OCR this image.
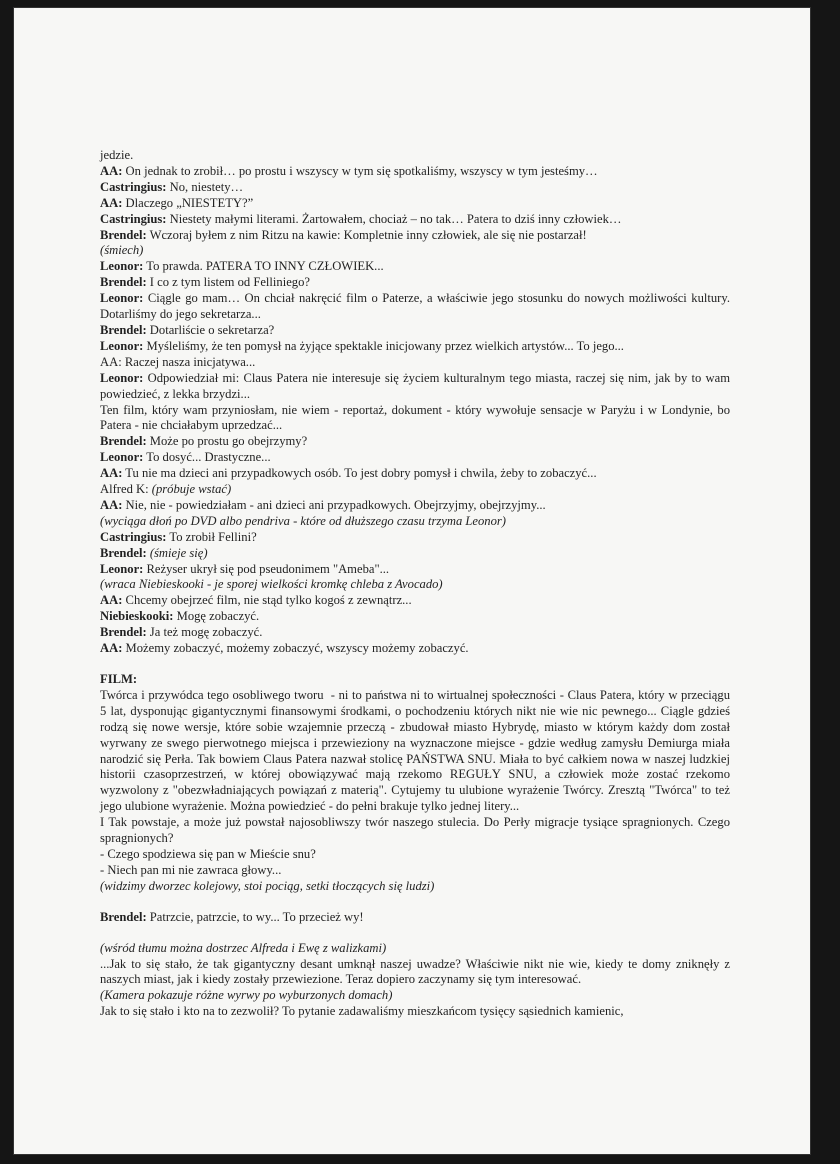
jedzie.
AA: On jednak to zrobił… po prostu i wszyscy w tym się spotkaliśmy, wszyscy w tym jesteśmy…
Castringius: No, niestety…
AA: Dlaczego „NIESTETY?”
Castringius: Niestety małymi literami. Żartowałem, chociaż – no tak… Patera to dziś inny człowiek…
Brendel: Wczoraj byłem z nim Ritzu na kawie: Kompletnie inny człowiek, ale się nie postarzał!
(śmiech)
Leonor: To prawda. PATERA TO INNY CZŁOWIEK...
Brendel: I co z tym listem od Felliniego?
Leonor: Ciągle go mam… On chciał nakręcić film o Paterze, a właściwie jego stosunku do nowych możliwości kultury. Dotarliśmy do jego sekretarza...
Brendel: Dotarliście o sekretarza?
Leonor: Myśleliśmy, że ten pomysł na żyjące spektakle inicjowany przez wielkich artystów... To jego...
AA: Raczej nasza inicjatywa...
Leonor: Odpowiedział mi: Claus Patera nie interesuje się życiem kulturalnym tego miasta, raczej się nim, jak by to wam powiedzieć, z lekka brzydzi...
Ten film, który wam przyniosłam, nie wiem - reportaż, dokument - który wywołuje sensacje w Paryżu i w Londynie, bo Patera - nie chciałabym uprzedzać...
Brendel: Może po prostu go obejrzymy?
Leonor: To dosyć... Drastyczne...
AA: Tu nie ma dzieci ani przypadkowych osób. To jest dobry pomysł i chwila, żeby to zobaczyć...
Alfred K: (próbuje wstać)
AA: Nie, nie - powiedziałam - ani dzieci ani przypadkowych. Obejrzyjmy, obejrzyjmy...
(wyciąga dłoń po DVD albo pendriva - które od dłuższego czasu trzyma Leonor)
Castringius: To zrobił Fellini?
Brendel: (śmieje się)
Leonor: Reżyser ukrył się pod pseudonimem "Ameba"...
(wraca Niebieskooki - je sporej wielkości kromkę chleba z Avocado)
AA: Chcemy obejrzeć film, nie stąd tylko kogoś z zewnątrz...
Niebieskooki: Mogę zobaczyć.
Brendel: Ja też mogę zobaczyć.
AA: Możemy zobaczyć, możemy zobaczyć, wszyscy możemy zobaczyć.
FILM:
Twórca i przywódca tego osobliwego tworu  - ni to państwa ni to wirtualnej społeczności - Claus Patera, który w przeciągu 5 lat, dysponując gigantycznymi finansowymi środkami, o pochodzeniu których nikt nie wie nic pewnego... Ciągle gdzieś rodzą się nowe wersje, które sobie wzajemnie przeczą - zbudował miasto Hybrydę, miasto w którym każdy dom został wyrwany ze swego pierwotnego miejsca i przewieziony na wyznaczone miejsce - gdzie według zamysłu Demiurga miała narodzić się Perła. Tak bowiem Claus Patera nazwał stolicę PAŃSTWA SNU. Miała to być całkiem nowa w naszej ludzkiej historii czasoprzestrzeń, w której obowiązywać mają rzekomo REGUŁY SNU, a człowiek może zostać rzekomo wyzwolony z "obezwładniających powiązań z materią". Cytujemy tu ulubione wyrażenie Twórcy. Zresztą "Twórca" to też jego ulubione wyrażenie. Można powiedzieć - do pełni brakuje tylko jednej litery...
I Tak powstaje, a może już powstał najosobliwszy twór naszego stulecia. Do Perły migracje tysiące spragnionych. Czego spragnionych?
- Czego spodziewa się pan w Mieście snu?
- Niech pan mi nie zawraca głowy...
(widzimy dworzec kolejowy, stoi pociąg, setki tłoczących się ludzi)
Brendel: Patrzcie, patrzcie, to wy... To przecież wy!
(wśród tłumu można dostrzec Alfreda i Ewę z walizkami)
...Jak to się stało, że tak gigantyczny desant umknął naszej uwadze? Właściwie nikt nie wie, kiedy te domy zniknęły z naszych miast, jak i kiedy zostały przewiezione. Teraz dopiero zaczynamy się tym interesować.
(Kamera pokazuje różne wyrwy po wyburzonych domach)
Jak to się stało i kto na to zezwolił? To pytanie zadawaliśmy mieszkańcom tysięcy sąsiednich kamienic,
